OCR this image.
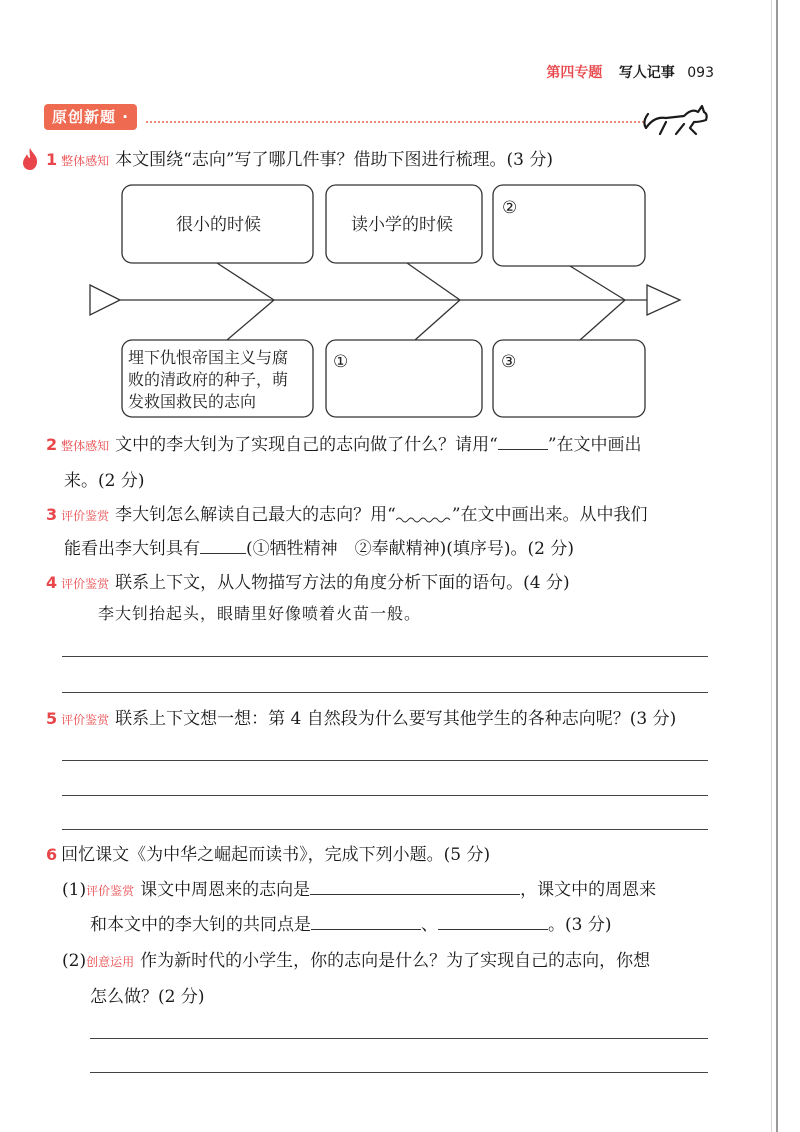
第四专题 写人记事 093
原创新题 ·
1 整体感知 本文围绕“志向”写了哪几件事？借助下图进行梳理。(3 分)
很小的时候	读小学的时候
②
埋下仇恨帝国主义与腐
败的清政府的种子，萌
发救国救民的志向
①	③
2 整体感知 文中的李大钊为了实现自己的志向做了什么？请用“	”在文中画出
来。(2 分)
3 评价鉴赏 李大钊怎么解读自己最大的志向？用“	”在文中画出来。从中我们
能看出李大钊具有	(①牺牲精神　②奉献精神)(填序号)。(2 分)
4 评价鉴赏 联系上下文，从人物描写方法的角度分析下面的语句。(4 分)
李大钊抬起头，眼睛里好像喷着火苗一般。
5 评价鉴赏 联系上下文想一想：第 4 自然段为什么要写其他学生的各种志向呢？(3 分)
6 回忆课文《为中华之崛起而读书》，完成下列小题。(5 分)
(1)评价鉴赏 课文中周恩来的志向是	，课文中的周恩来
和本文中的李大钊的共同点是	、	。(3 分)
(2)创意运用 作为新时代的小学生，你的志向是什么？为了实现自己的志向，你想
怎么做？(2 分)
